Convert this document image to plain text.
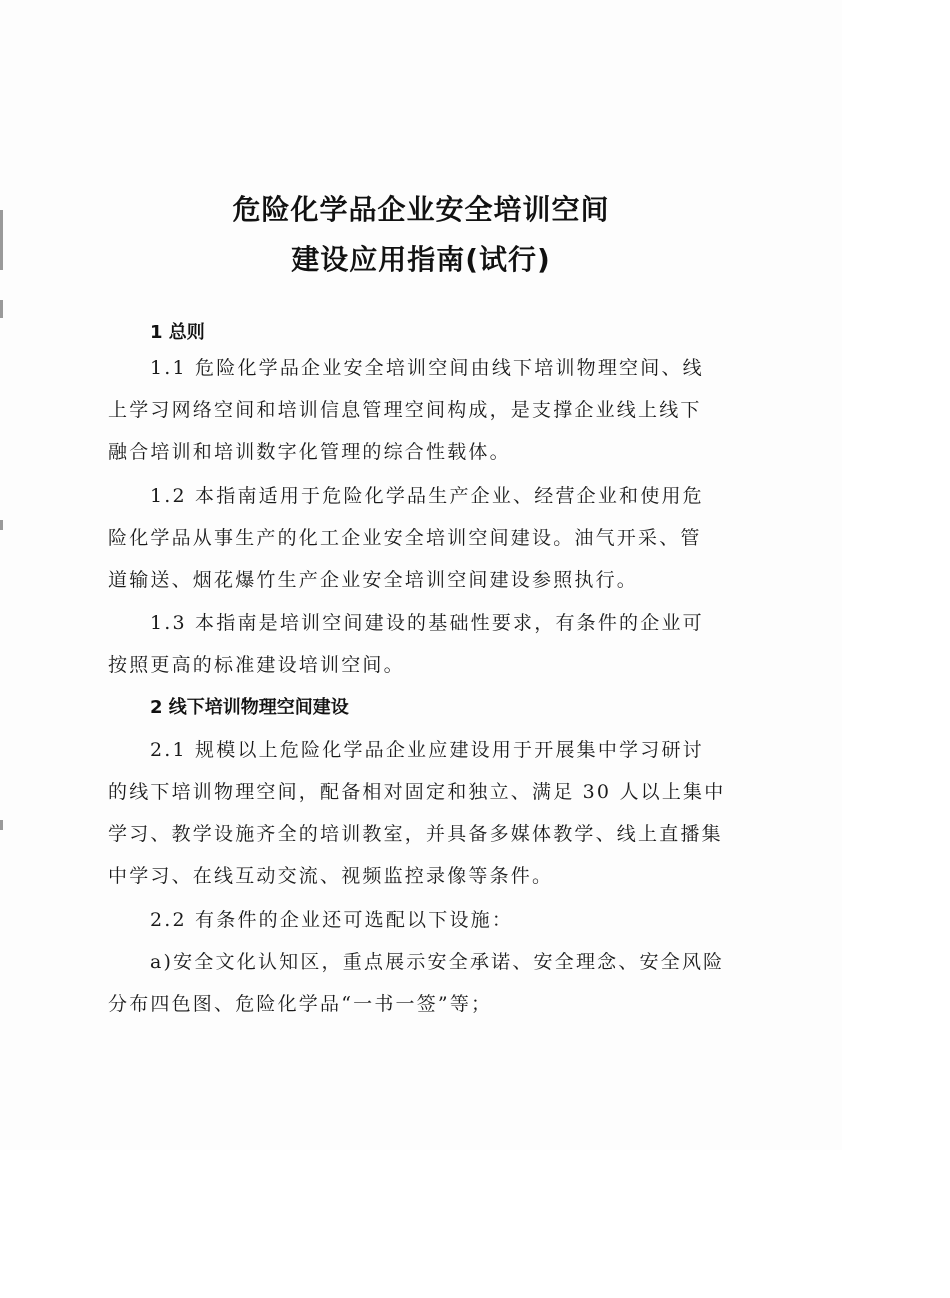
危险化学品企业安全培训空间
建设应用指南(试行)
1 总则
1.1 危险化学品企业安全培训空间由线下培训物理空间、线
上学习网络空间和培训信息管理空间构成，是支撑企业线上线下
融合培训和培训数字化管理的综合性载体。
1.2 本指南适用于危险化学品生产企业、经营企业和使用危
险化学品从事生产的化工企业安全培训空间建设。油气开采、管
道输送、烟花爆竹生产企业安全培训空间建设参照执行。
1.3 本指南是培训空间建设的基础性要求，有条件的企业可
按照更高的标准建设培训空间。
2 线下培训物理空间建设
2.1 规模以上危险化学品企业应建设用于开展集中学习研讨
的线下培训物理空间，配备相对固定和独立、满足 30 人以上集中
学习、教学设施齐全的培训教室，并具备多媒体教学、线上直播集
中学习、在线互动交流、视频监控录像等条件。
2.2 有条件的企业还可选配以下设施：
a)安全文化认知区，重点展示安全承诺、安全理念、安全风险
分布四色图、危险化学品“一书一签”等；
